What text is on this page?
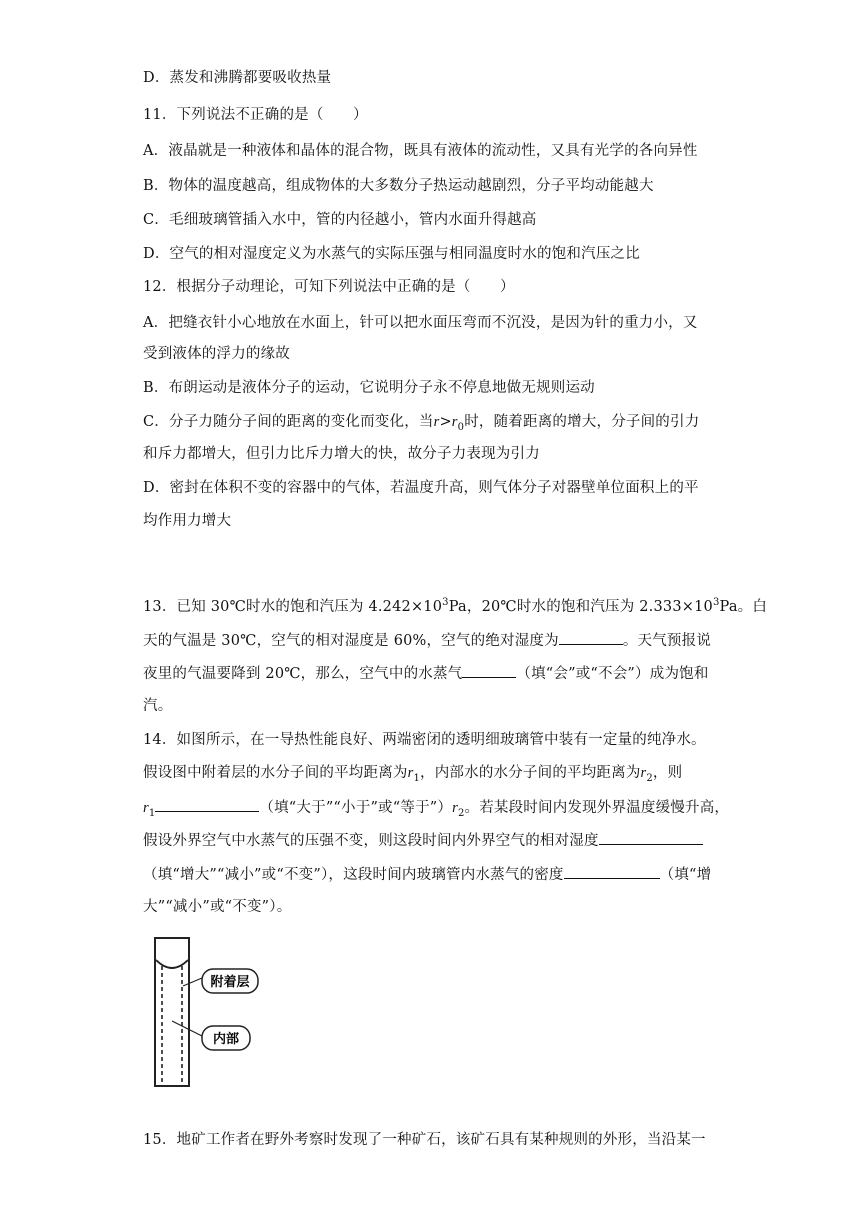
D．蒸发和沸腾都要吸收热量
11．下列说法不正确的是（　　）
A．液晶就是一种液体和晶体的混合物，既具有液体的流动性，又具有光学的各向异性
B．物体的温度越高，组成物体的大多数分子热运动越剧烈，分子平均动能越大
C．毛细玻璃管插入水中，管的内径越小，管内水面升得越高
D．空气的相对湿度定义为水蒸气的实际压强与相同温度时水的饱和汽压之比
12．根据分子动理论，可知下列说法中正确的是（　　）
A．把缝衣针小心地放在水面上，针可以把水面压弯而不沉没，是因为针的重力小，又
受到液体的浮力的缘故
B．布朗运动是液体分子的运动，它说明分子永不停息地做无规则运动
C．分子力随分子间的距离的变化而变化，当$r>r_0$时，随着距离的增大，分子间的引力
和斥力都增大，但引力比斥力增大的快，故分子力表现为引力
D．密封在体积不变的容器中的气体，若温度升高，则气体分子对器壁单位面积上的平
均作用力增大
13．已知 30℃时水的饱和汽压为 $4.242\times 10^3Pa$，20℃时水的饱和汽压为 $2.333\times 10^3Pa$。白
天的气温是 30℃，空气的相对湿度是 60%，空气的绝对湿度为	。天气预报说
夜里的气温要降到 20℃，那么，空气中的水蒸气	（填“会”或“不会”）成为饱和
汽。
14．如图所示，在一导热性能良好、两端密闭的透明细玻璃管中装有一定量的纯净水。
假设图中附着层的水分子间的平均距离为$r_1$，内部水的水分子间的平均距离为$r_2$，则
$r_1$	（填“大于”“小于”或“等于$”)r_2$。若某段时间内发现外界温度缓慢升高，
假设外界空气中水蒸气的压强不变，则这段时间内外界空气的相对湿度
（填“增大”“减小”或“不变”），这段时间内玻璃管内水蒸气的密度	（填“增
大”“减小”或“不变”）。
附着层
内部
15．地矿工作者在野外考察时发现了一种矿石，该矿石具有某种规则的外形，当沿某一
